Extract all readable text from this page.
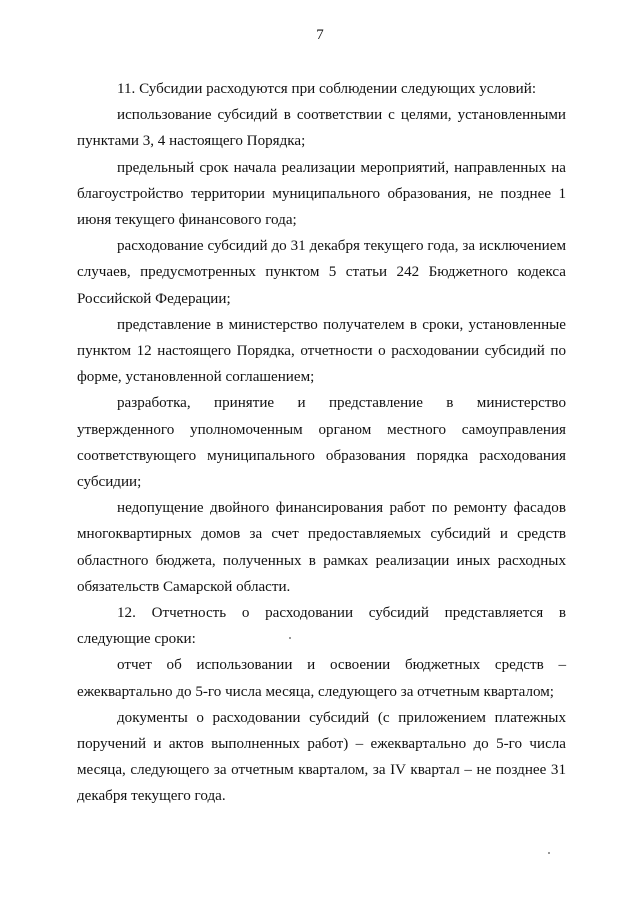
7

11. Субсидии расходуются при соблюдении следующих условий:

использование субсидий в соответствии с целями, установленными пунктами 3, 4 настоящего Порядка;

предельный срок начала реализации мероприятий, направленных на благоустройство территории муниципального образования, не позднее 1 июня текущего финансового года;

расходование субсидий до 31 декабря текущего года, за исключением случаев, предусмотренных пунктом 5 статьи 242 Бюджетного кодекса Российской Федерации;

представление в министерство получателем в сроки, установленные пунктом 12 настоящего Порядка, отчетности о расходовании субсидий по форме, установленной соглашением;

разработка, принятие и представление в министерство утвержденного уполномоченным органом местного самоуправления соответствующего муниципального образования порядка расходования субсидии;

недопущение двойного финансирования работ по ремонту фасадов многоквартирных домов за счет предоставляемых субсидий и средств областного бюджета, полученных в рамках реализации иных расходных обязательств Самарской области.

12. Отчетность о расходовании субсидий представляется в следующие сроки:

отчет об использовании и освоении бюджетных средств – ежеквартально до 5-го числа месяца, следующего за отчетным кварталом;

документы о расходовании субсидий (с приложением платежных поручений и актов выполненных работ) – ежеквартально до 5-го числа месяца, следующего за отчетным кварталом, за IV квартал – не позднее 31 декабря текущего года.
